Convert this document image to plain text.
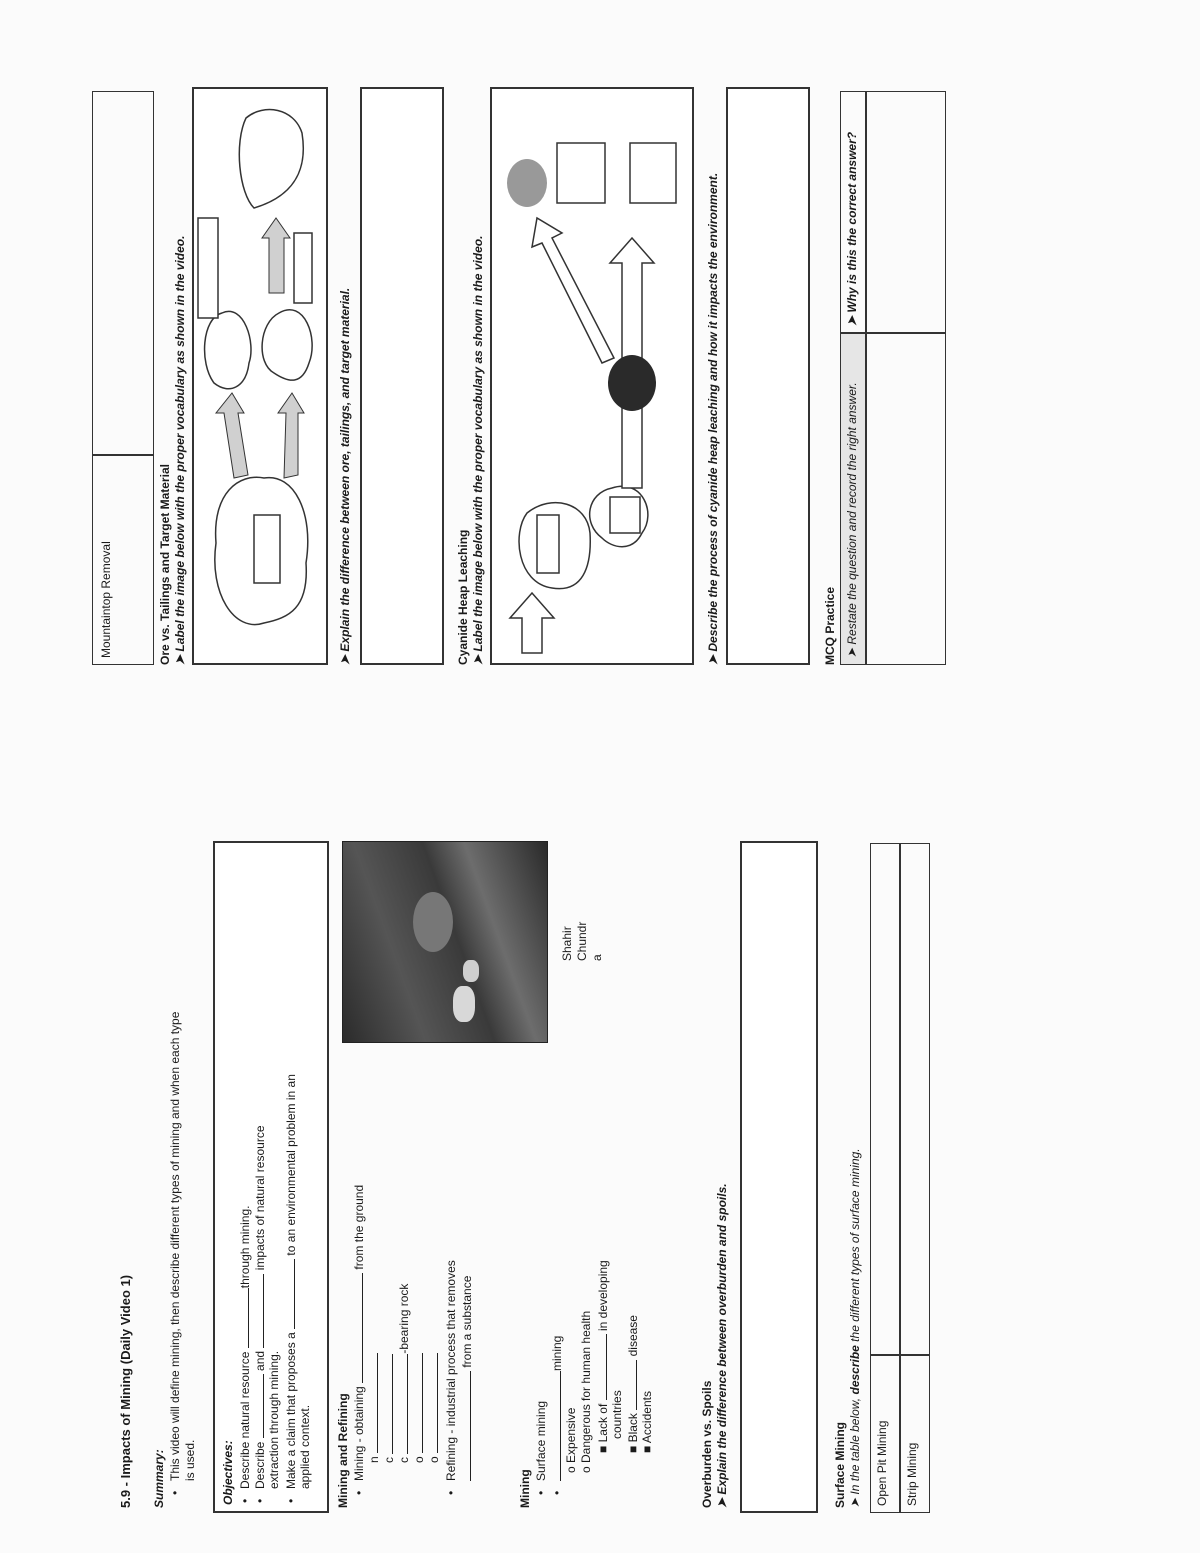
5.9 - Impacts of Mining (Daily Video 1) Summary:
• This video will define mining, then describe different types of mining and when each type is used. Objectives:
• Describe natural resource through mining.
• Describe  and  impacts of natural resource
extraction through mining.
• Make a claim that proposes a  to an environmental problem in an
applied context. Mining and Refining
• Mining - obtaining  from the ground
n c c -bearing rock
o o
• Refining - industrial process that removes from a substance
Shahir Chundr a
Mining
• Surface mining
• mining
o Expensive
o Dangerous for human health ■ Lack of  in developing
countries
■ Black  disease
■ Accidents	Overburden vs. Spoils ➤ Explain the difference between overburden and spoils.	Surface Mining ➤ In the table below, describe the different types of surface mining.
Open Pit Mining	Strip Mining
Mountaintop Removal	Ore vs. Tailings and Target Material ➤ Label the image below with the proper vocabulary as shown in the video.
➤ Explain the difference between ore, tailings, and target material.	Cyanide Heap Leaching ➤ Label the image below with the proper vocabulary as shown in the video.
➤ Describe the process of cyanide heap leaching and how it impacts the environment.	MCQ Practice ➤ Restate the question and record the right answer.
➤ Why is this the correct answer?
